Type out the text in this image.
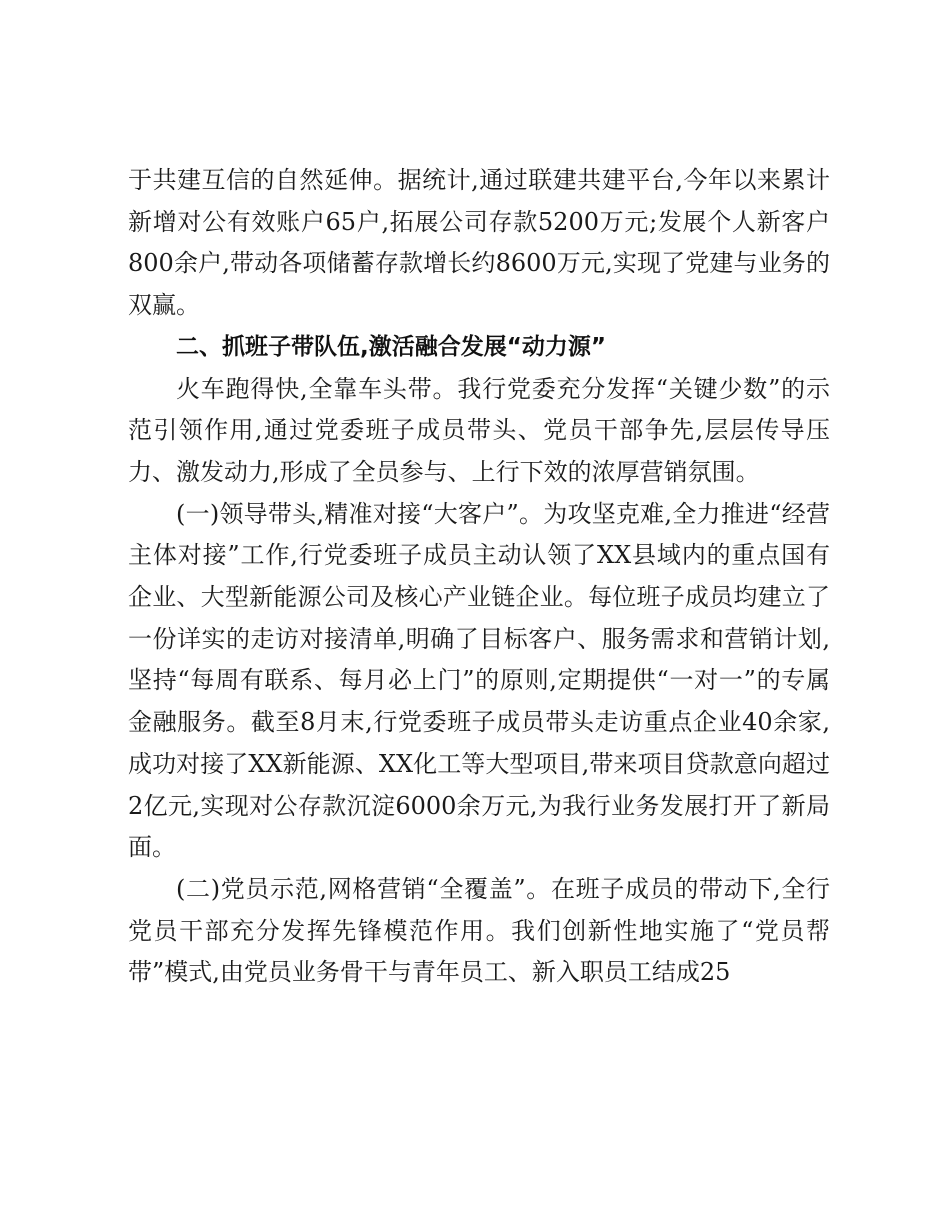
于共建互信的自然延伸。据统计,通过联建共建平台,今年以来累计新增对公有效账户65户,拓展公司存款5200万元;发展个人新客户800余户,带动各项储蓄存款增长约8600万元,实现了党建与业务的双赢。

二、抓班子带队伍,激活融合发展“动力源”

火车跑得快,全靠车头带。我行党委充分发挥“关键少数”的示范引领作用,通过党委班子成员带头、党员干部争先,层层传导压力、激发动力,形成了全员参与、上行下效的浓厚营销氛围。

(一)领导带头,精准对接“大客户”。为攻坚克难,全力推进“经营主体对接”工作,行党委班子成员主动认领了XX县域内的重点国有企业、大型新能源公司及核心产业链企业。每位班子成员均建立了一份详实的走访对接清单,明确了目标客户、服务需求和营销计划,坚持“每周有联系、每月必上门”的原则,定期提供“一对一”的专属金融服务。截至8月末,行党委班子成员带头走访重点企业40余家,成功对接了XX新能源、XX化工等大型项目,带来项目贷款意向超过2亿元,实现对公存款沉淀6000余万元,为我行业务发展打开了新局面。

(二)党员示范,网格营销“全覆盖”。在班子成员的带动下,全行党员干部充分发挥先锋模范作用。我们创新性地实施了“党员帮带”模式,由党员业务骨干与青年员工、新入职员工结成25
